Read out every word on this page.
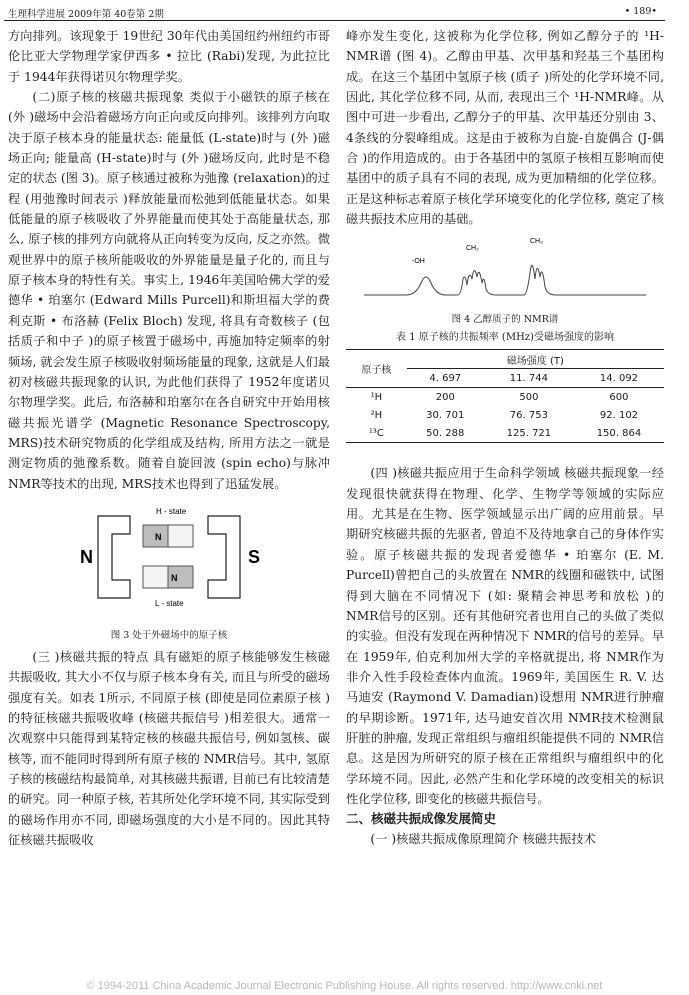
生理科学进展 2009年第 40卷第 2期	• 189•

方向排列。该现象于 19世纪 30年代由美国纽约州纽约市哥伦比亚大学物理学家伊西多 • 拉比 (Rabi)发现, 为此拉比于 1944年获得诺贝尔物理学奖。

(二)原子核的核磁共振现象 类似于小磁铁的原子核在 (外 )磁场中会沿着磁场方向正向或反向排列。该排列方向取决于原子核本身的能量状态: 能量低 (L-state)时与 (外 )磁场正向; 能量高 (H-state)时与 (外 )磁场反向, 此时是不稳定的状态 (图 3)。原子核通过被称为弛豫 (relaxation)的过程 (用弛豫时间表示 )释放能量而松弛到低能量状态。如果低能量的原子核吸收了外界能量而使其处于高能量状态, 那么, 原子核的排列方向就将从正向转变为反向, 反之亦然。微观世界中的原子核所能吸收的外界能量是量子化的, 而且与原子核本身的特性有关。事实上, 1946年美国哈佛大学的爱德华 • 珀塞尔 (Edward Mills Purcell)和斯坦福大学的费利克斯 • 布洛赫 (Felix Bloch) 发现, 将具有奇数核子 (包括质子和中子 )的原子核置于磁场中, 再施加特定频率的射频场, 就会发生原子核吸收射频场能量的现象, 这就是人们最初对核磁共振现象的认识, 为此他们获得了 1952年度诺贝尔物理学奖。此后, 布洛赫和珀塞尔在各自研究中开始用核磁共振光谱学 (Magnetic Resonance Spectroscopy, MRS)技术研究物质的化学组成及结构, 所用方法之一就是测定物质的弛豫系数。随着自旋回波 (spin echo)与脉冲 NMR等技术的出现, MRS技术也得到了迅猛发展。

H - state
L - state
N
N
N	S
图 3 处于外磁场中的原子核

(三 )核磁共振的特点 具有磁矩的原子核能够发生核磁共振吸收, 其大小不仅与原子核本身有关, 而且与所受的磁场强度有关。如表 1所示, 不同原子核 (即使是同位素原子核 )的特征核磁共振吸收峰 (核磁共振信号 )相差很大。通常一次观察中只能得到某特定核的核磁共振信号, 例如氢核、碳核等, 而不能同时得到所有原子核的 NMR信号。其中, 氢原子核的核磁结构最简单, 对其核磁共振谱, 目前已有比较清楚的研究。同一种原子核, 若其所处化学环境不同, 其实际受到的磁场作用亦不同, 即磁场强度的大小是不同的。因此其特征核磁共振吸收

峰亦发生变化, 这被称为化学位移, 例如乙醇分子的 ¹H-NMR谱 (图 4)。乙醇由甲基、次甲基和羟基三个基团构成。在这三个基团中氢原子核 (质子 )所处的化学环境不同, 因此, 其化学位移不同, 从而, 表现出三个 ¹H-NMR峰。从图中可进一步看出, 乙醇分子的甲基、次甲基还分别由 3、4条线的分裂峰组成。这是由于被称为自旋-自旋偶合 (J-偶合 )的作用造成的。由于各基团中的氢原子核相互影响而使基团中的质子具有不同的表现, 成为更加精细的化学位移。正是这种标志着原子核化学环境变化的化学位移, 奠定了核磁共振技术应用的基础。

-OH
CH₂
CH₃
图 4 乙醇质子的 NMR谱
表 1 原子核的共振频率 (MHz)受磁场强度的影响
原子核	磁场强度 (T)		
	4. 697	11. 744	14. 092
¹H	200	500	600
²H	30. 701	76. 753	92. 102
¹³C	50. 288	125. 721	150. 864

(四 )核磁共振应用于生命科学领域 核磁共振现象一经发现很快就获得在物理、化学、生物学等领域的实际应用。尤其是在生物、医学领域显示出广阔的应用前景。早期研究核磁共振的先驱者, 曾迫不及待地拿自己的身体作实验。原子核磁共振的发现者爱德华 • 珀塞尔 (E. M. Purcell)曾把自己的头放置在 NMR的线圈和磁铁中, 试图得到大脑在不同情况下 (如: 聚精会神思考和放松 )的 NMR信号的区别。还有其他研究者也用自己的头做了类似的实验。但没有发现在两种情况下 NMR的信号的差异。早在 1959年, 伯克利加州大学的辛格就提出, 将 NMR作为非介入性手段检查体内血流。1969年, 美国医生 R. V. 达马迪安 (Raymond V. Damadian)设想用 NMR进行肿瘤的早期诊断。1971年, 达马迪安首次用 NMR技术检测鼠肝脏的肿瘤, 发现正常组织与瘤组织能提供不同的 NMR信息。这是因为所研究的原子核在正常组织与瘤组织中的化学环境不同。因此, 必然产生和化学环境的改变相关的标识性化学位移, 即变化的核磁共振信号。

二、核磁共振成像发展简史

(一 )核磁共振成像原理简介 核磁共振技术

© 1994-2011 China Academic Journal Electronic Publishing House. All rights reserved. http://www.cnki.net
